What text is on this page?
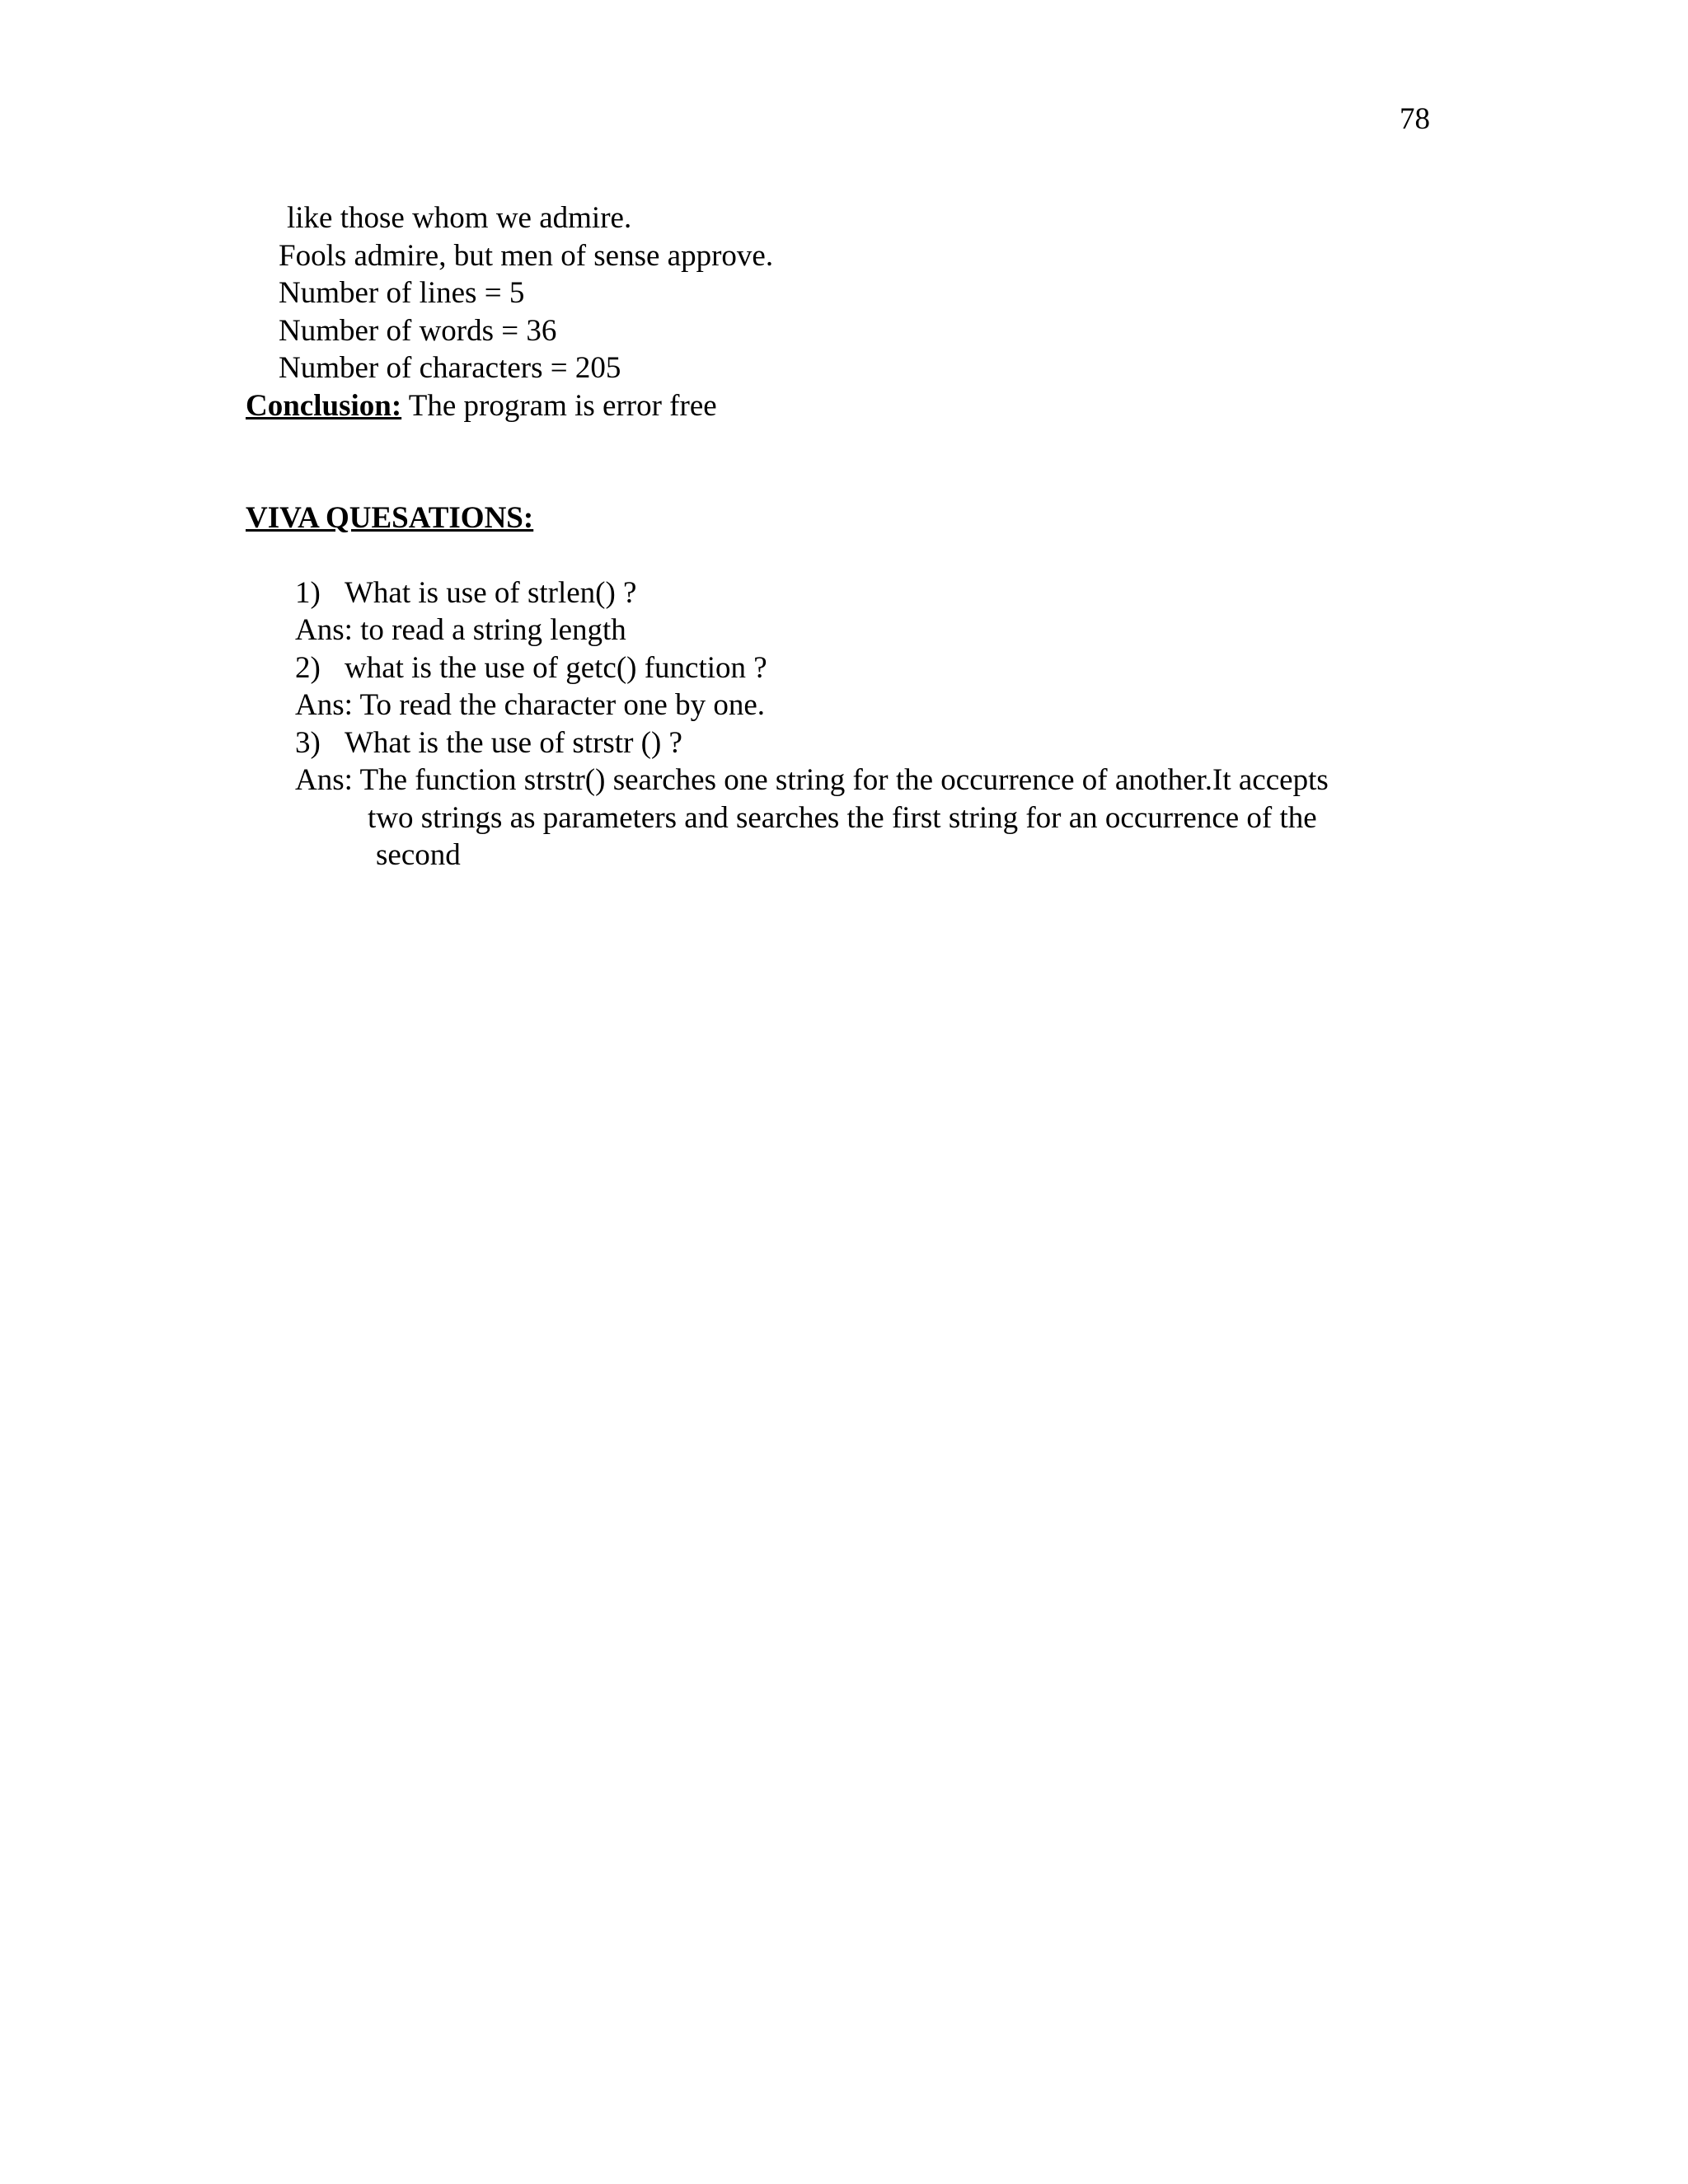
78
like those whom we admire.
Fools admire, but men of sense approve.
Number of lines = 5
Number of words = 36
Number of characters = 205
Conclusion: The program is error free
VIVA QUESATIONS:
1) What is use of strlen() ?
Ans: to read a string length
2) what is the use of getc() function ?
Ans: To read the character one by one.
3) What is the use of strstr () ?
Ans: The function strstr() searches one string for the occurrence of another.It accepts
two strings as parameters and searches the first string for an occurrence of the
second
